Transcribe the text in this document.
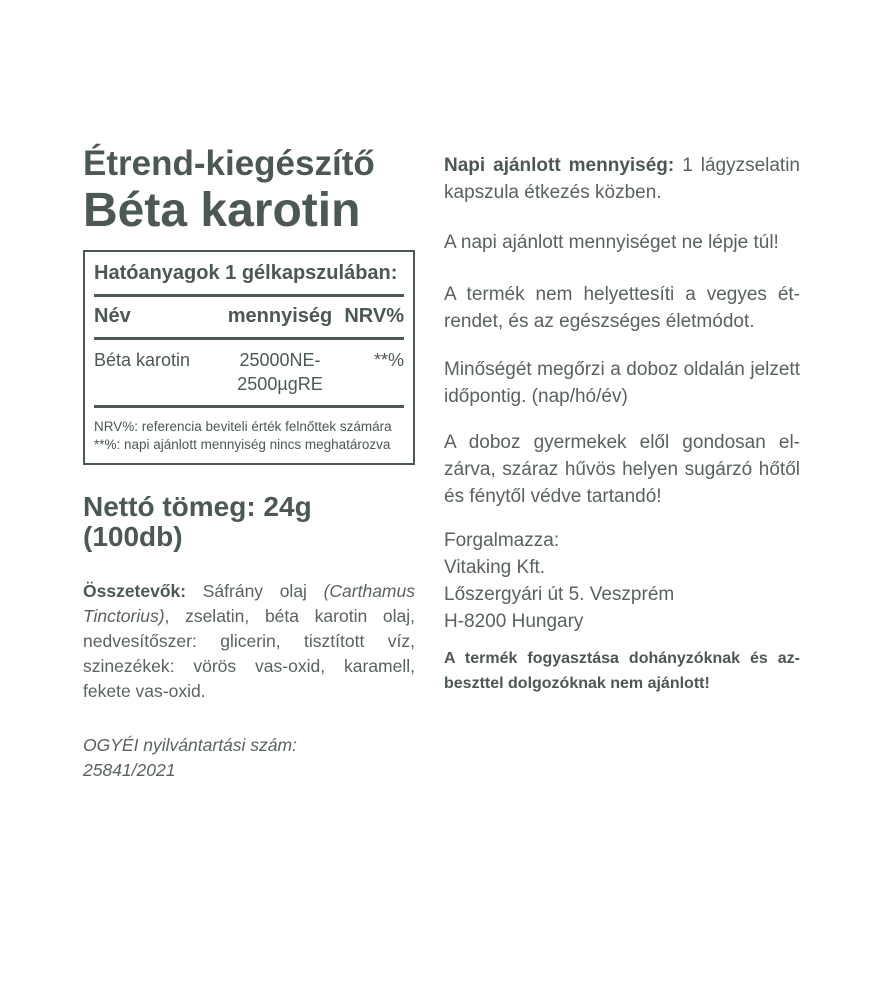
Étrend-kiegészítő
Béta karotin
Hatóanyagok 1 gélkapszulában:
Név	mennyiség NRV%
Béta karotin	25000NE-
2500µgRE
**%
NRV%: referencia beviteli érték felnőttek számára
**%: napi ajánlott mennyiség nincs meghatározva
Nettó tömeg: 24g (100db)
Összetevők: Sáfrány olaj (Carthamus Tinctorius), zselatin, béta karotin olaj, nedvesítőszer: glicerin, tisztított víz, szinezékek: vörös vas-oxid, karamell, fekete vas-oxid.
OGYÉI nyilvántartási szám:
25841/2021

Napi ajánlott mennyiség: 1 lágyzselatin kapszula étkezés közben.

A napi ajánlott mennyiséget ne lépje túl!

A termék nem helyettesíti a vegyes étrendet, és az egészséges életmódot.

Minőségét megőrzi a doboz oldalán jelzett időpontig. (nap/hó/év)

A doboz gyermekek elől gondosan elzárva, száraz hűvös helyen sugárzó hőtől és fénytől védve tartandó!

Forgalmazza:
Vitaking Kft.
Lőszergyári út 5. Veszprém
H-8200 Hungary

A termék fogyasztása dohányzóknak és azbeszttel dolgozóknak nem ajánlott!
